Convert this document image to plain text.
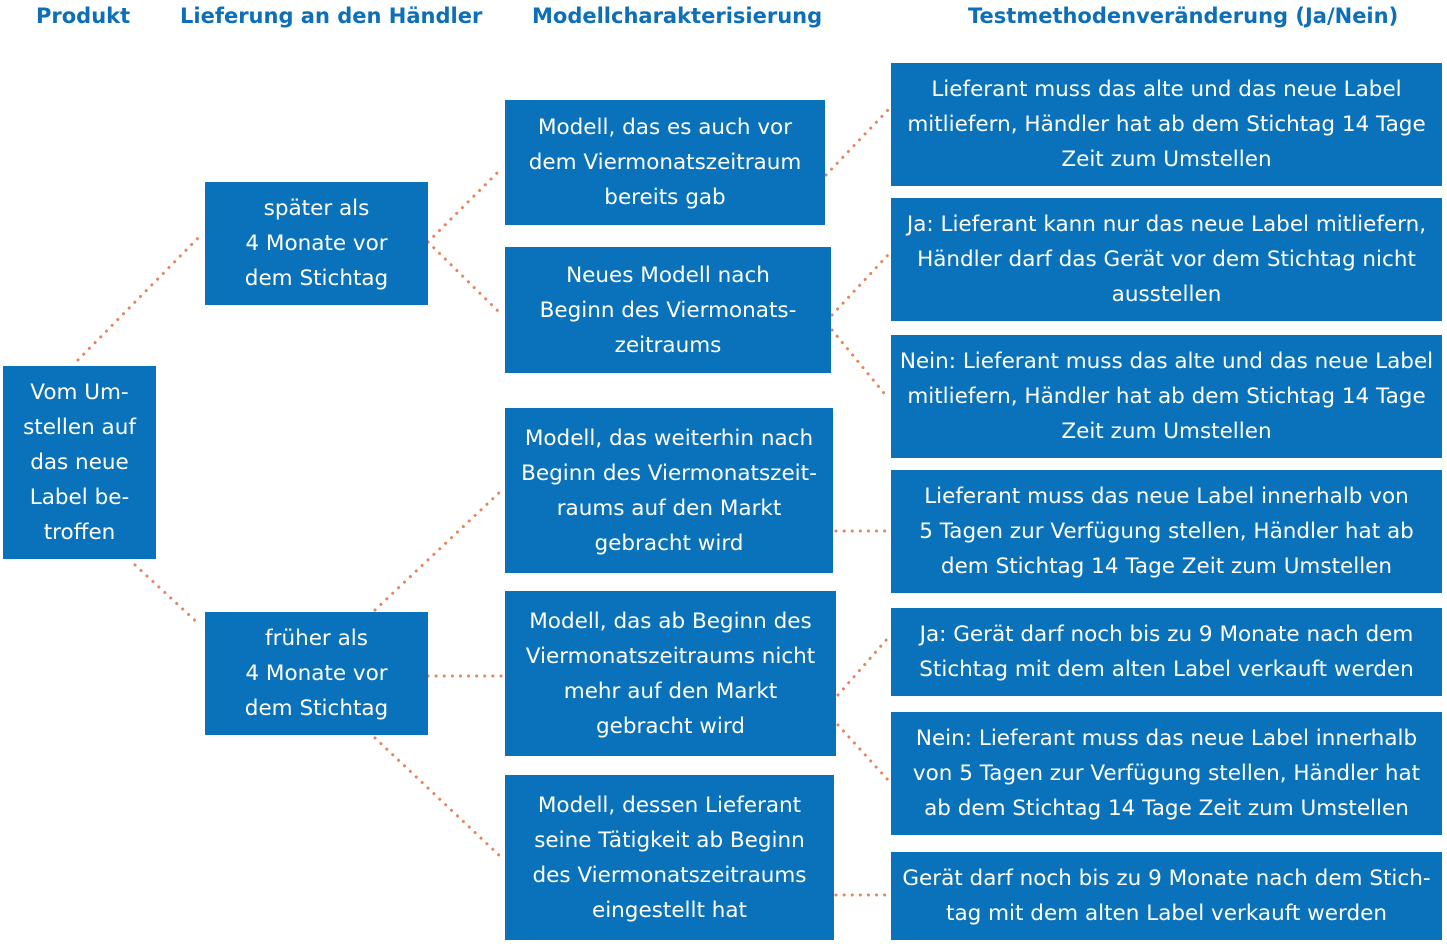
Produkt Lieferung an den Händler Modellcharakterisierung	Testmethodenveränderung (Ja/Nein)
Vom Um-
stellen auf
das neue
Label be-
troffen
später als
4 Monate vor
dem Stichtag
früher als
4 Monate vor
dem Stichtag
Modell, das es auch vor
dem Viermonatszeitraum
bereits gab
Neues Modell nach
Beginn des Viermonats-
zeitraums
Modell, das weiterhin nach
Beginn des Viermonatszeit-
raums auf den Markt
gebracht wird
Modell, das ab Beginn des
Viermonatszeitraums nicht
mehr auf den Markt
gebracht wird
Modell, dessen Lieferant
seine Tätigkeit ab Beginn
des Viermonatszeitraums
eingestellt hat
Lieferant muss das alte und das neue Label
mitliefern, Händler hat ab dem Stichtag 14 Tage
Zeit zum Umstellen
Ja: Lieferant kann nur das neue Label mitliefern,
Händler darf das Gerät vor dem Stichtag nicht
ausstellen
Nein: Lieferant muss das alte und das neue Label
mitliefern, Händler hat ab dem Stichtag 14 Tage
Zeit zum Umstellen
Lieferant muss das neue Label innerhalb von
5 Tagen zur Verfügung stellen, Händler hat ab
dem Stichtag 14 Tage Zeit zum Umstellen
Ja: Gerät darf noch bis zu 9 Monate nach dem
Stichtag mit dem alten Label verkauft werden
Nein: Lieferant muss das neue Label innerhalb
von 5 Tagen zur Verfügung stellen, Händler hat
ab dem Stichtag 14 Tage Zeit zum Umstellen
Gerät darf noch bis zu 9 Monate nach dem Stich-
tag mit dem alten Label verkauft werden
